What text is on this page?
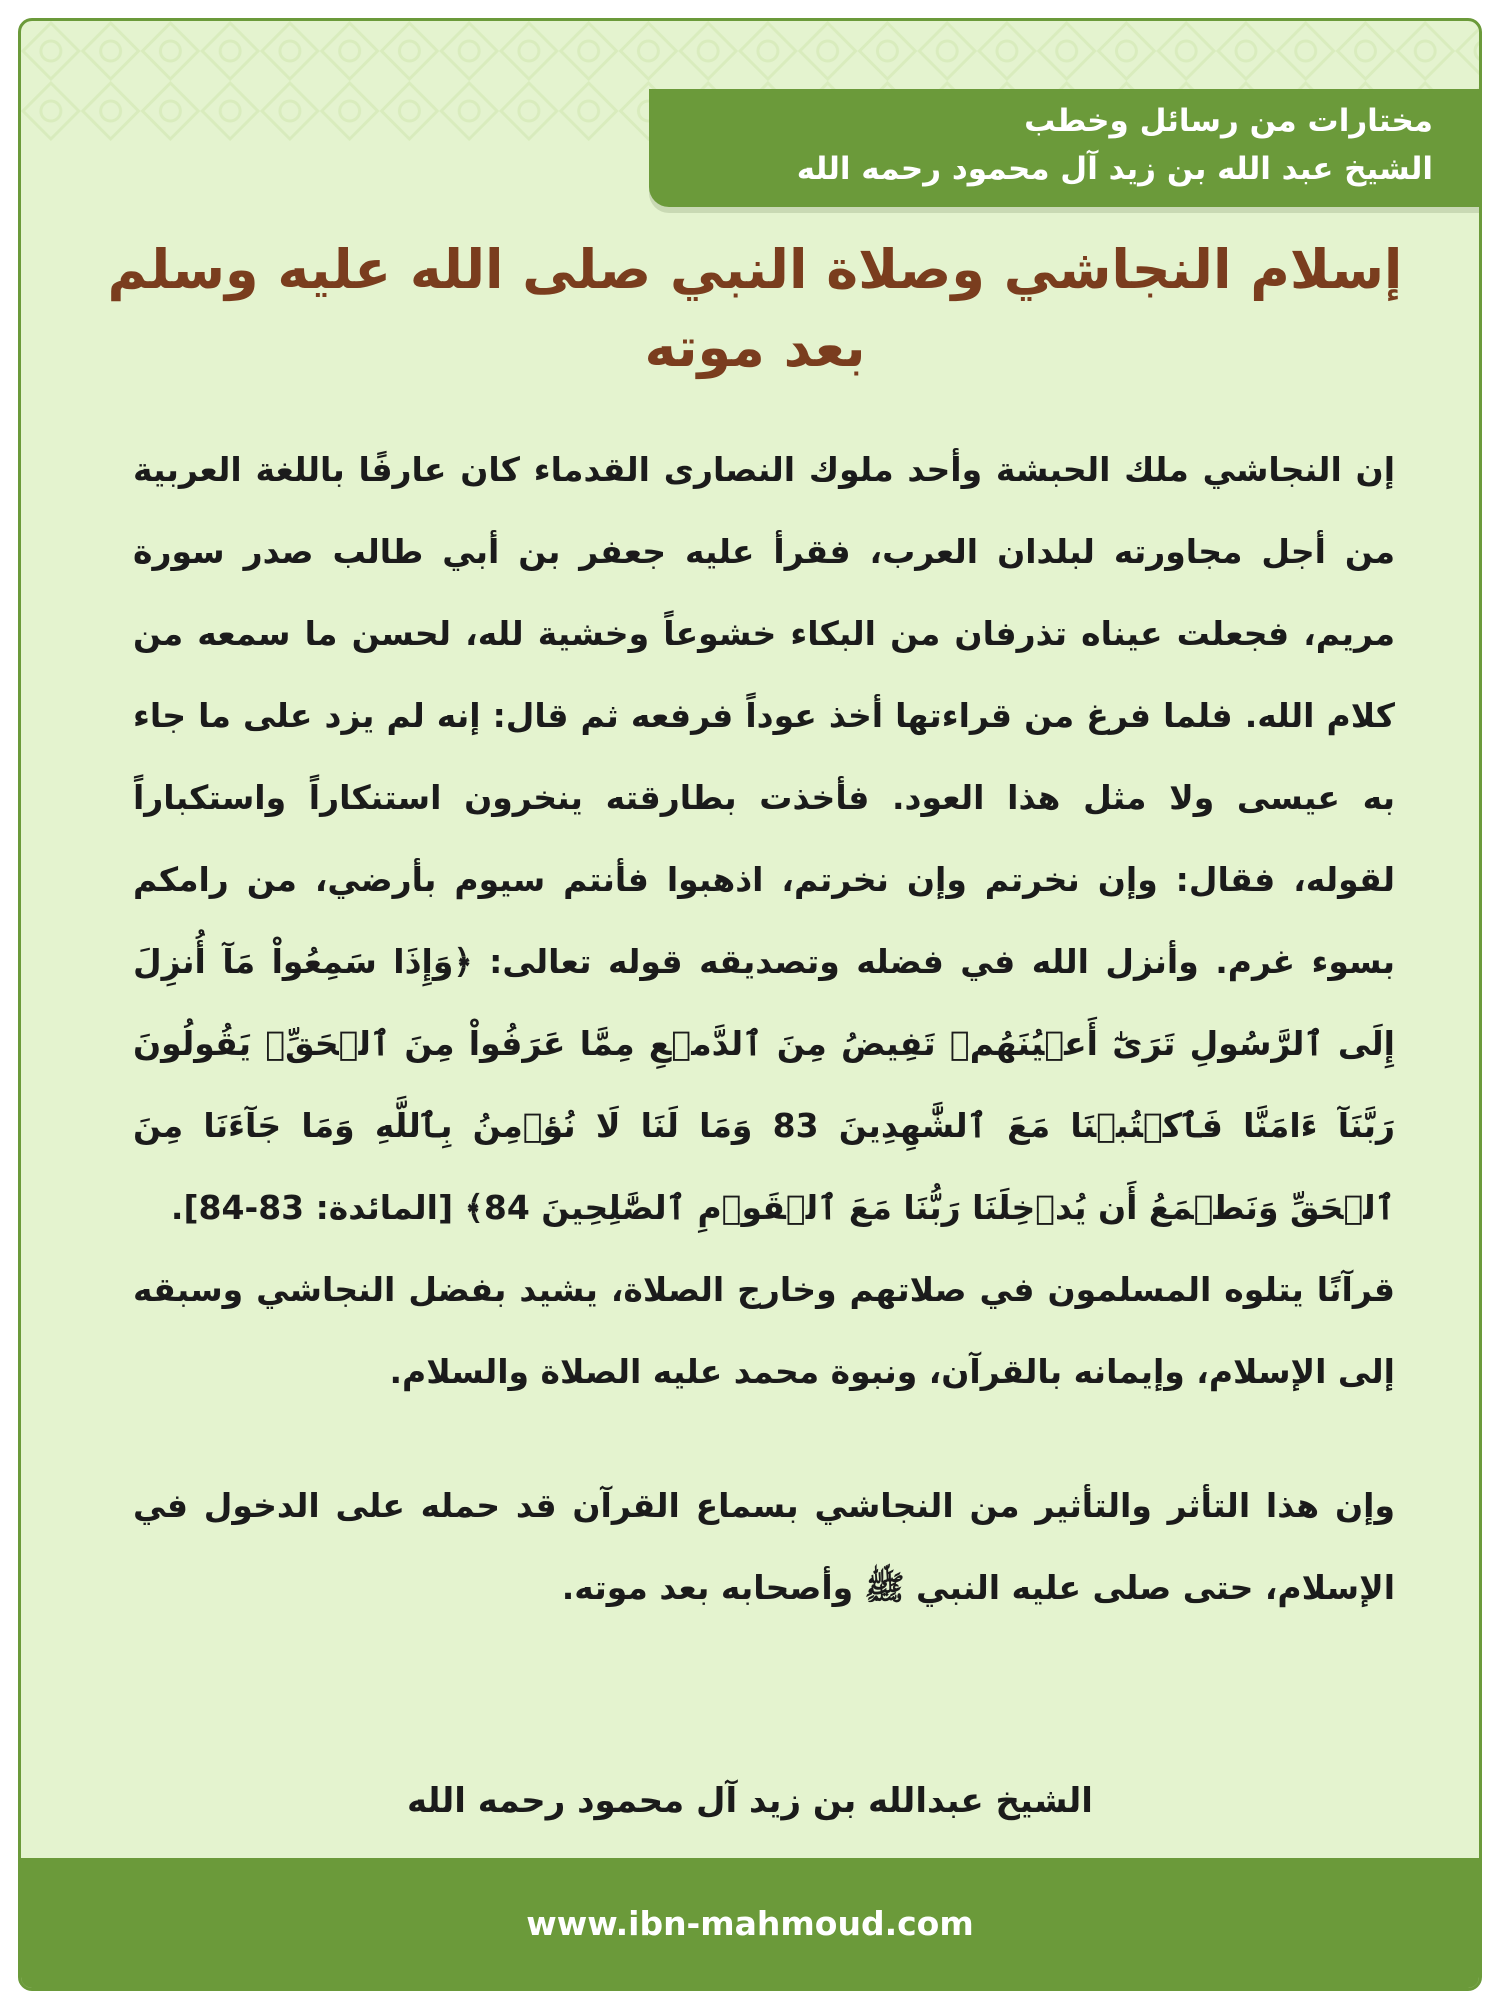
مختارات من رسائل وخطب
الشيخ عبد الله بن زيد آل محمود رحمه الله
إسلام النجاشي وصلاة النبي صلى الله عليه وسلم
بعد موته

إن النجاشي ملك الحبشة وأحد ملوك النصارى القدماء كان عارفًا باللغة العربية من أجل مجاورته لبلدان العرب، فقرأ عليه جعفر بن أبي طالب صدر سورة مريم، فجعلت عيناه تذرفان من البكاء خشوعاً وخشية لله، لحسن ما سمعه من كلام الله. فلما فرغ من قراءتها أخذ عوداً فرفعه ثم قال: إنه لم يزد على ما جاء به عيسى ولا مثل هذا العود. فأخذت بطارقته ينخرون استنكاراً واستكباراً لقوله، فقال: وإن نخرتم وإن نخرتم، اذهبوا فأنتم سيوم بأرضي، من رامكم بسوء غرم. وأنزل الله في فضله وتصديقه قوله تعالى: ﴿وَإِذَا سَمِعُواْ مَآ أُنزِلَ إِلَى ٱلرَّسُولِ تَرَىٰٓ أَعۡيُنَهُمۡ تَفِيضُ مِنَ ٱلدَّمۡعِ مِمَّا عَرَفُواْ مِنَ ٱلۡحَقِّۖ يَقُولُونَ رَبَّنَآ ءَامَنَّا فَٱكۡتُبۡنَا مَعَ ٱلشَّٰهِدِينَ 83 وَمَا لَنَا لَا نُؤۡمِنُ بِٱللَّهِ وَمَا جَآءَنَا مِنَ ٱلۡحَقِّ وَنَطۡمَعُ أَن يُدۡخِلَنَا رَبُّنَا مَعَ ٱلۡقَوۡمِ ٱلصَّٰلِحِينَ 84﴾ [المائدة: 83-84].

قرآنًا يتلوه المسلمون في صلاتهم وخارج الصلاة، يشيد بفضل النجاشي وسبقه إلى الإسلام، وإيمانه بالقرآن، ونبوة محمد عليه الصلاة والسلام.

وإن هذا التأثر والتأثير من النجاشي بسماع القرآن قد حمله على الدخول في الإسلام، حتى صلى عليه النبي ﷺ وأصحابه بعد موته.

الشيخ عبدالله بن زيد آل محمود رحمه الله
www.ibn-mahmoud.com
